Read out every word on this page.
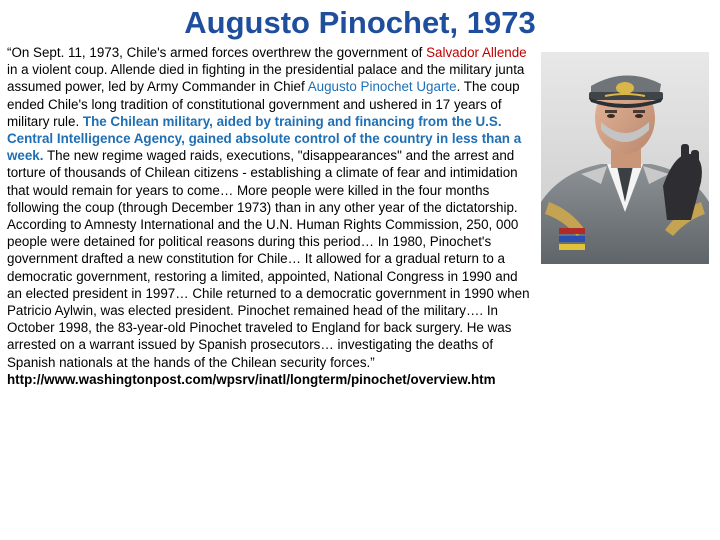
Augusto Pinochet, 1973

“On Sept. 11, 1973, Chile's armed forces overthrew the government of Salvador Allende in a violent coup. Allende died in fighting in the presidential palace and the military junta assumed power, led by Army Commander in Chief Augusto Pinochet Ugarte. The coup ended Chile's long tradition of constitutional government and ushered in 17 years of military rule. The Chilean military, aided by training and financing from the U.S. Central Intelligence Agency, gained absolute control of the country in less than a week. The new regime waged raids, executions, "disappearances" and the arrest and torture of thousands of Chilean citizens - establishing a climate of fear and intimidation that would remain for years to come… More people were killed in the four months following the coup (through December 1973) than in any other year of the dictatorship. According to Amnesty International and the U.N. Human Rights Commission, 250, 000 people were detained for political reasons during this period… In 1980, Pinochet's government drafted a new constitution for Chile… It allowed for a gradual return to a democratic government, restoring a limited, appointed, National Congress in 1990 and an elected president in 1997… Chile returned to a democratic government in 1990 when Patricio Aylwin, was elected president. Pinochet remained head of the military…. In October 1998, the 83-year-old Pinochet traveled to England for back surgery. He was arrested on a warrant issued by Spanish prosecutors… investigating the deaths of Spanish nationals at the hands of the Chilean security forces.”
http://www.washingtonpost.com/wpsrv/inatl/longterm/pinochet/overview.htm
